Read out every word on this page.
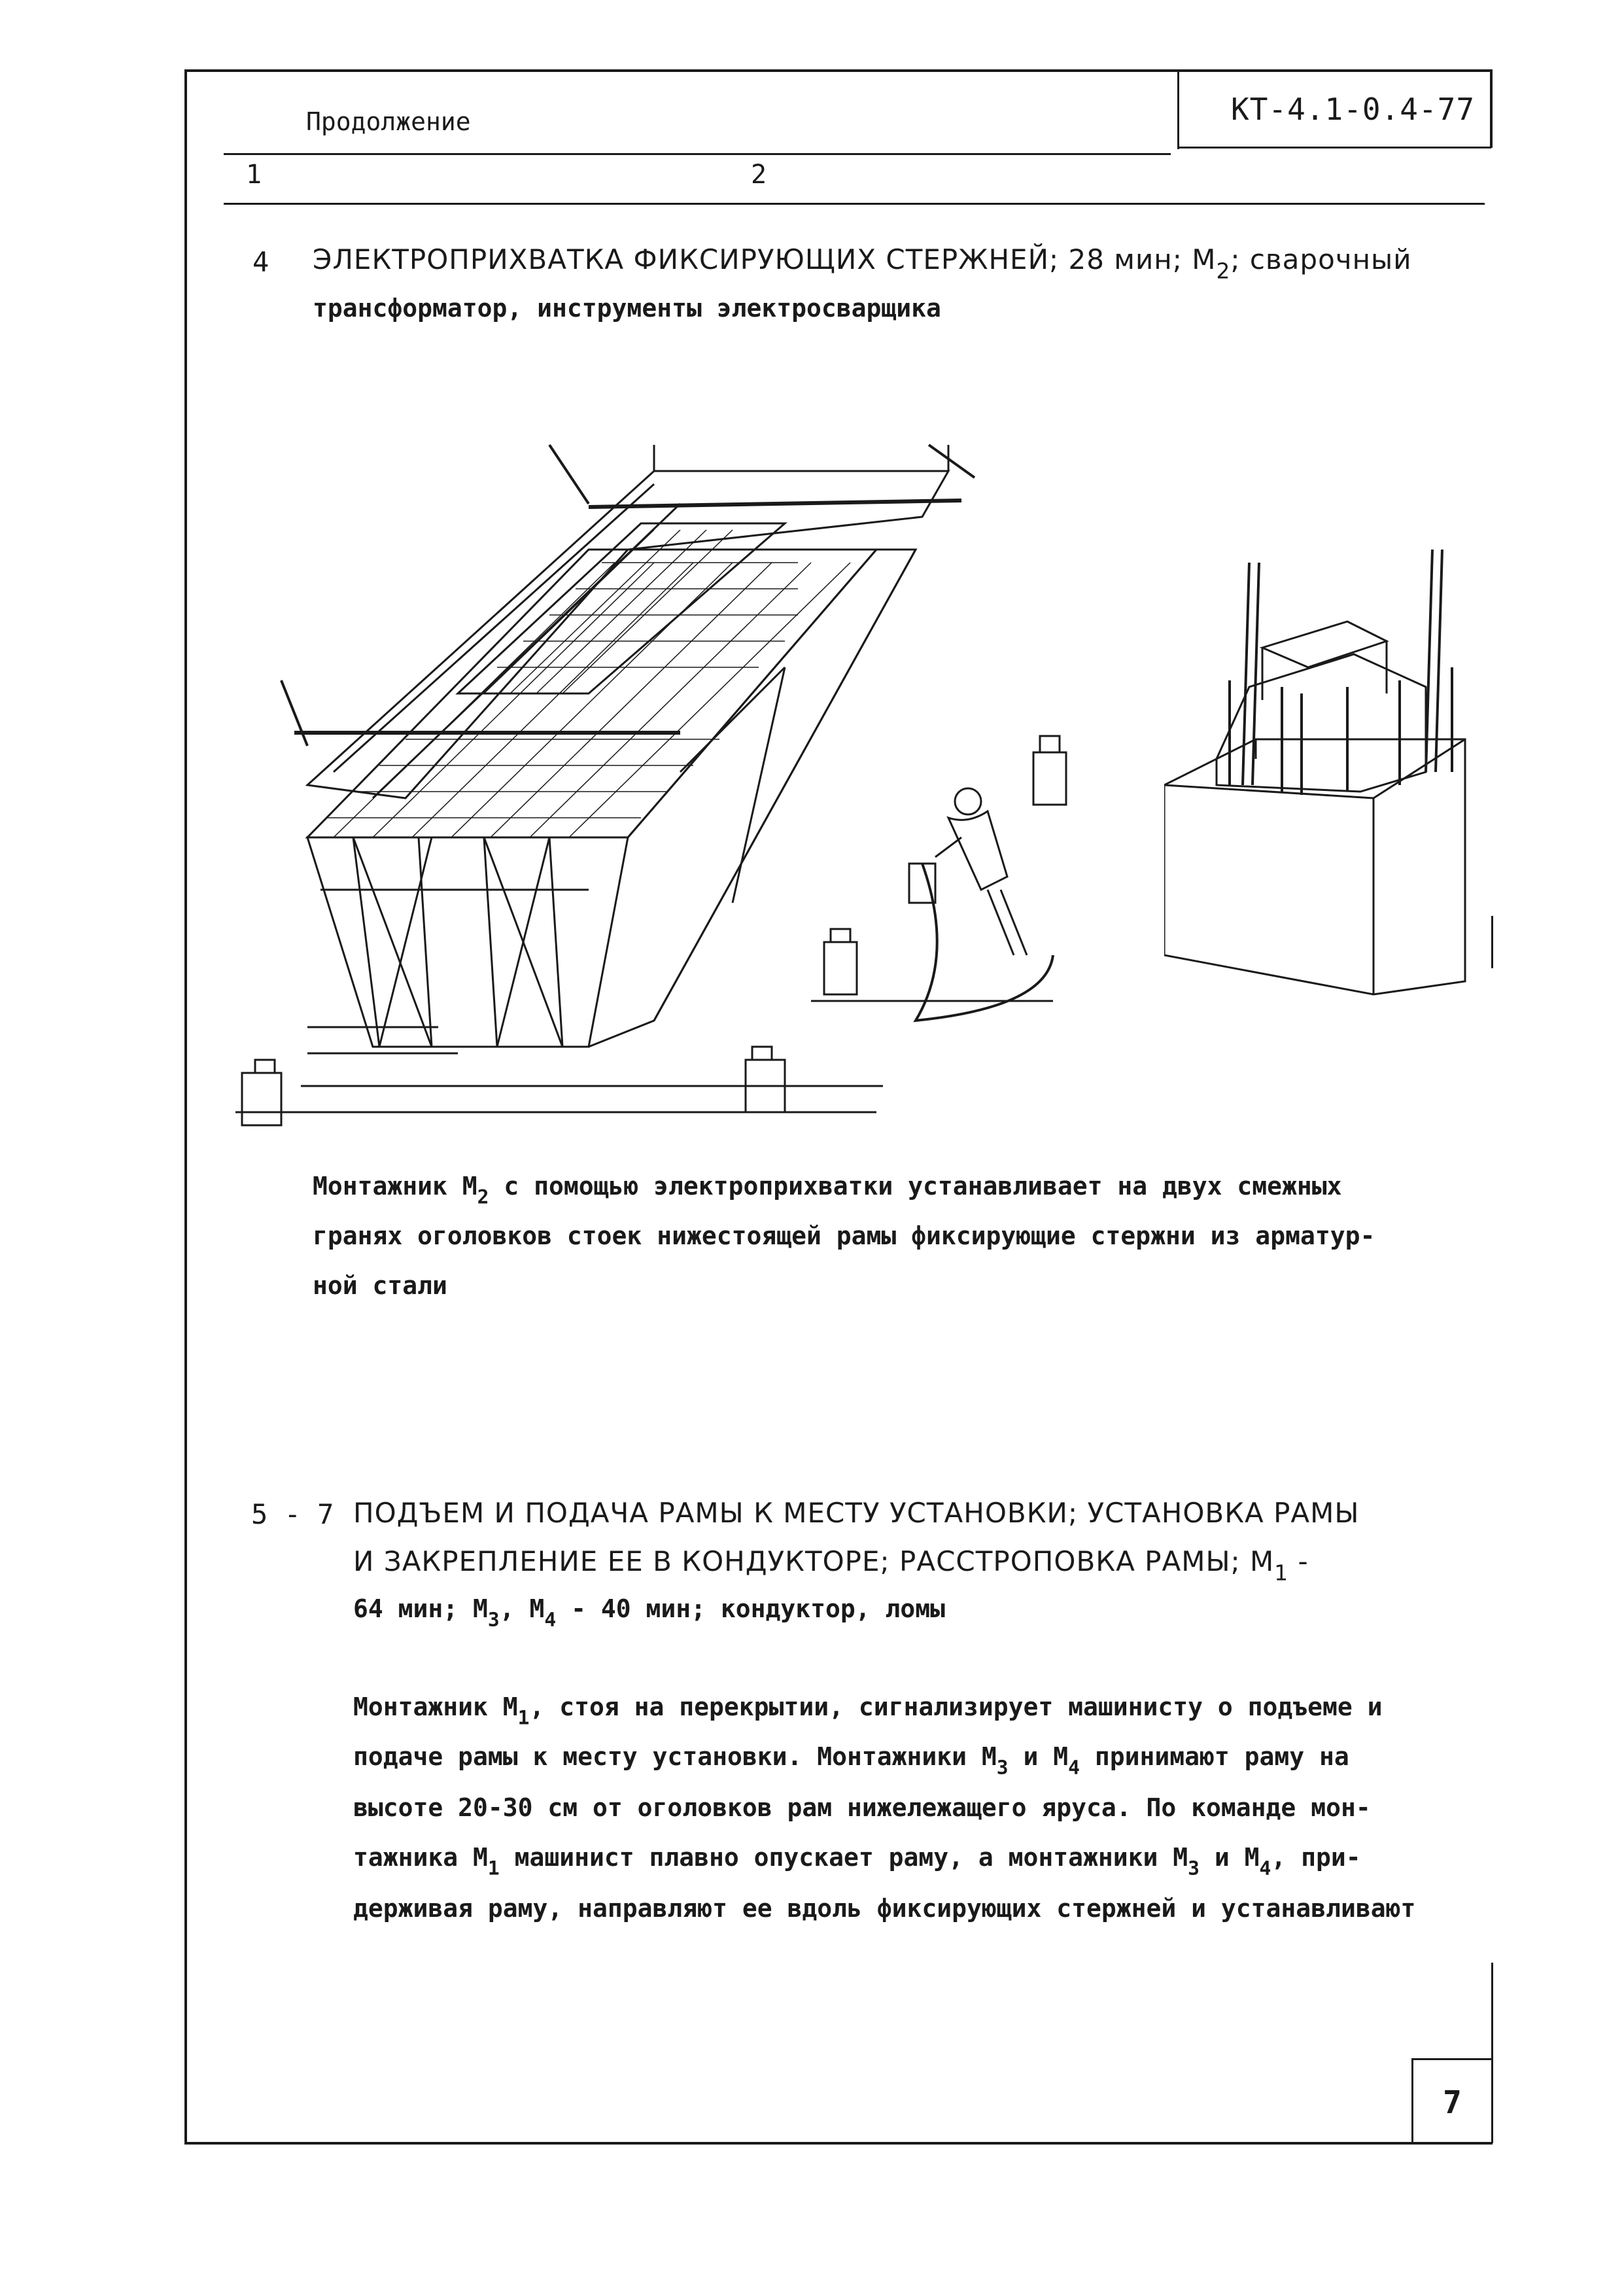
КТ-4.1-0.4-77
Продолжение
1	2
4 ЭЛЕКТРОПРИХВАТКА ФИКСИРУЮЩИХ СТЕРЖНЕЙ; 28 мин; $М_2$; сварочный
трансформатор, инструменты электросварщика
Монтажник $М_2$ с помощью электроприхватки устанавливает на двух смежных
гранях оголовков стоек нижестоящей рамы фиксирующие стержни из арматур-
ной стали
5 - 7 ПОДЪЕМ И ПОДАЧА РАМЫ К МЕСТУ УСТАНОВКИ; УСТАНОВКА РАМЫ
И ЗАКРЕПЛЕНИЕ ЕЕ В КОНДУКТОРЕ; РАССТРОПОВКА РАМЫ; $М_1$ -
64 мин; $М_3$, $М_4 - 40$ мин; кондуктор, ломы
Монтажник $М_1$, стоя на перекрытии, сигнализирует машинисту о подъеме и
подаче рамы к месту установки. Монтажники $М_3$ и $М_4$ принимают раму на
высоте 20-30 см от оголовков рам нижележащего яруса. По команде мон-
тажника $М_1$ машинист плавно опускает раму, а монтажники $М_3$ и $М_4$, при-
держивая раму, направляют ее вдоль фиксирующих стержней и устанавливают
7
